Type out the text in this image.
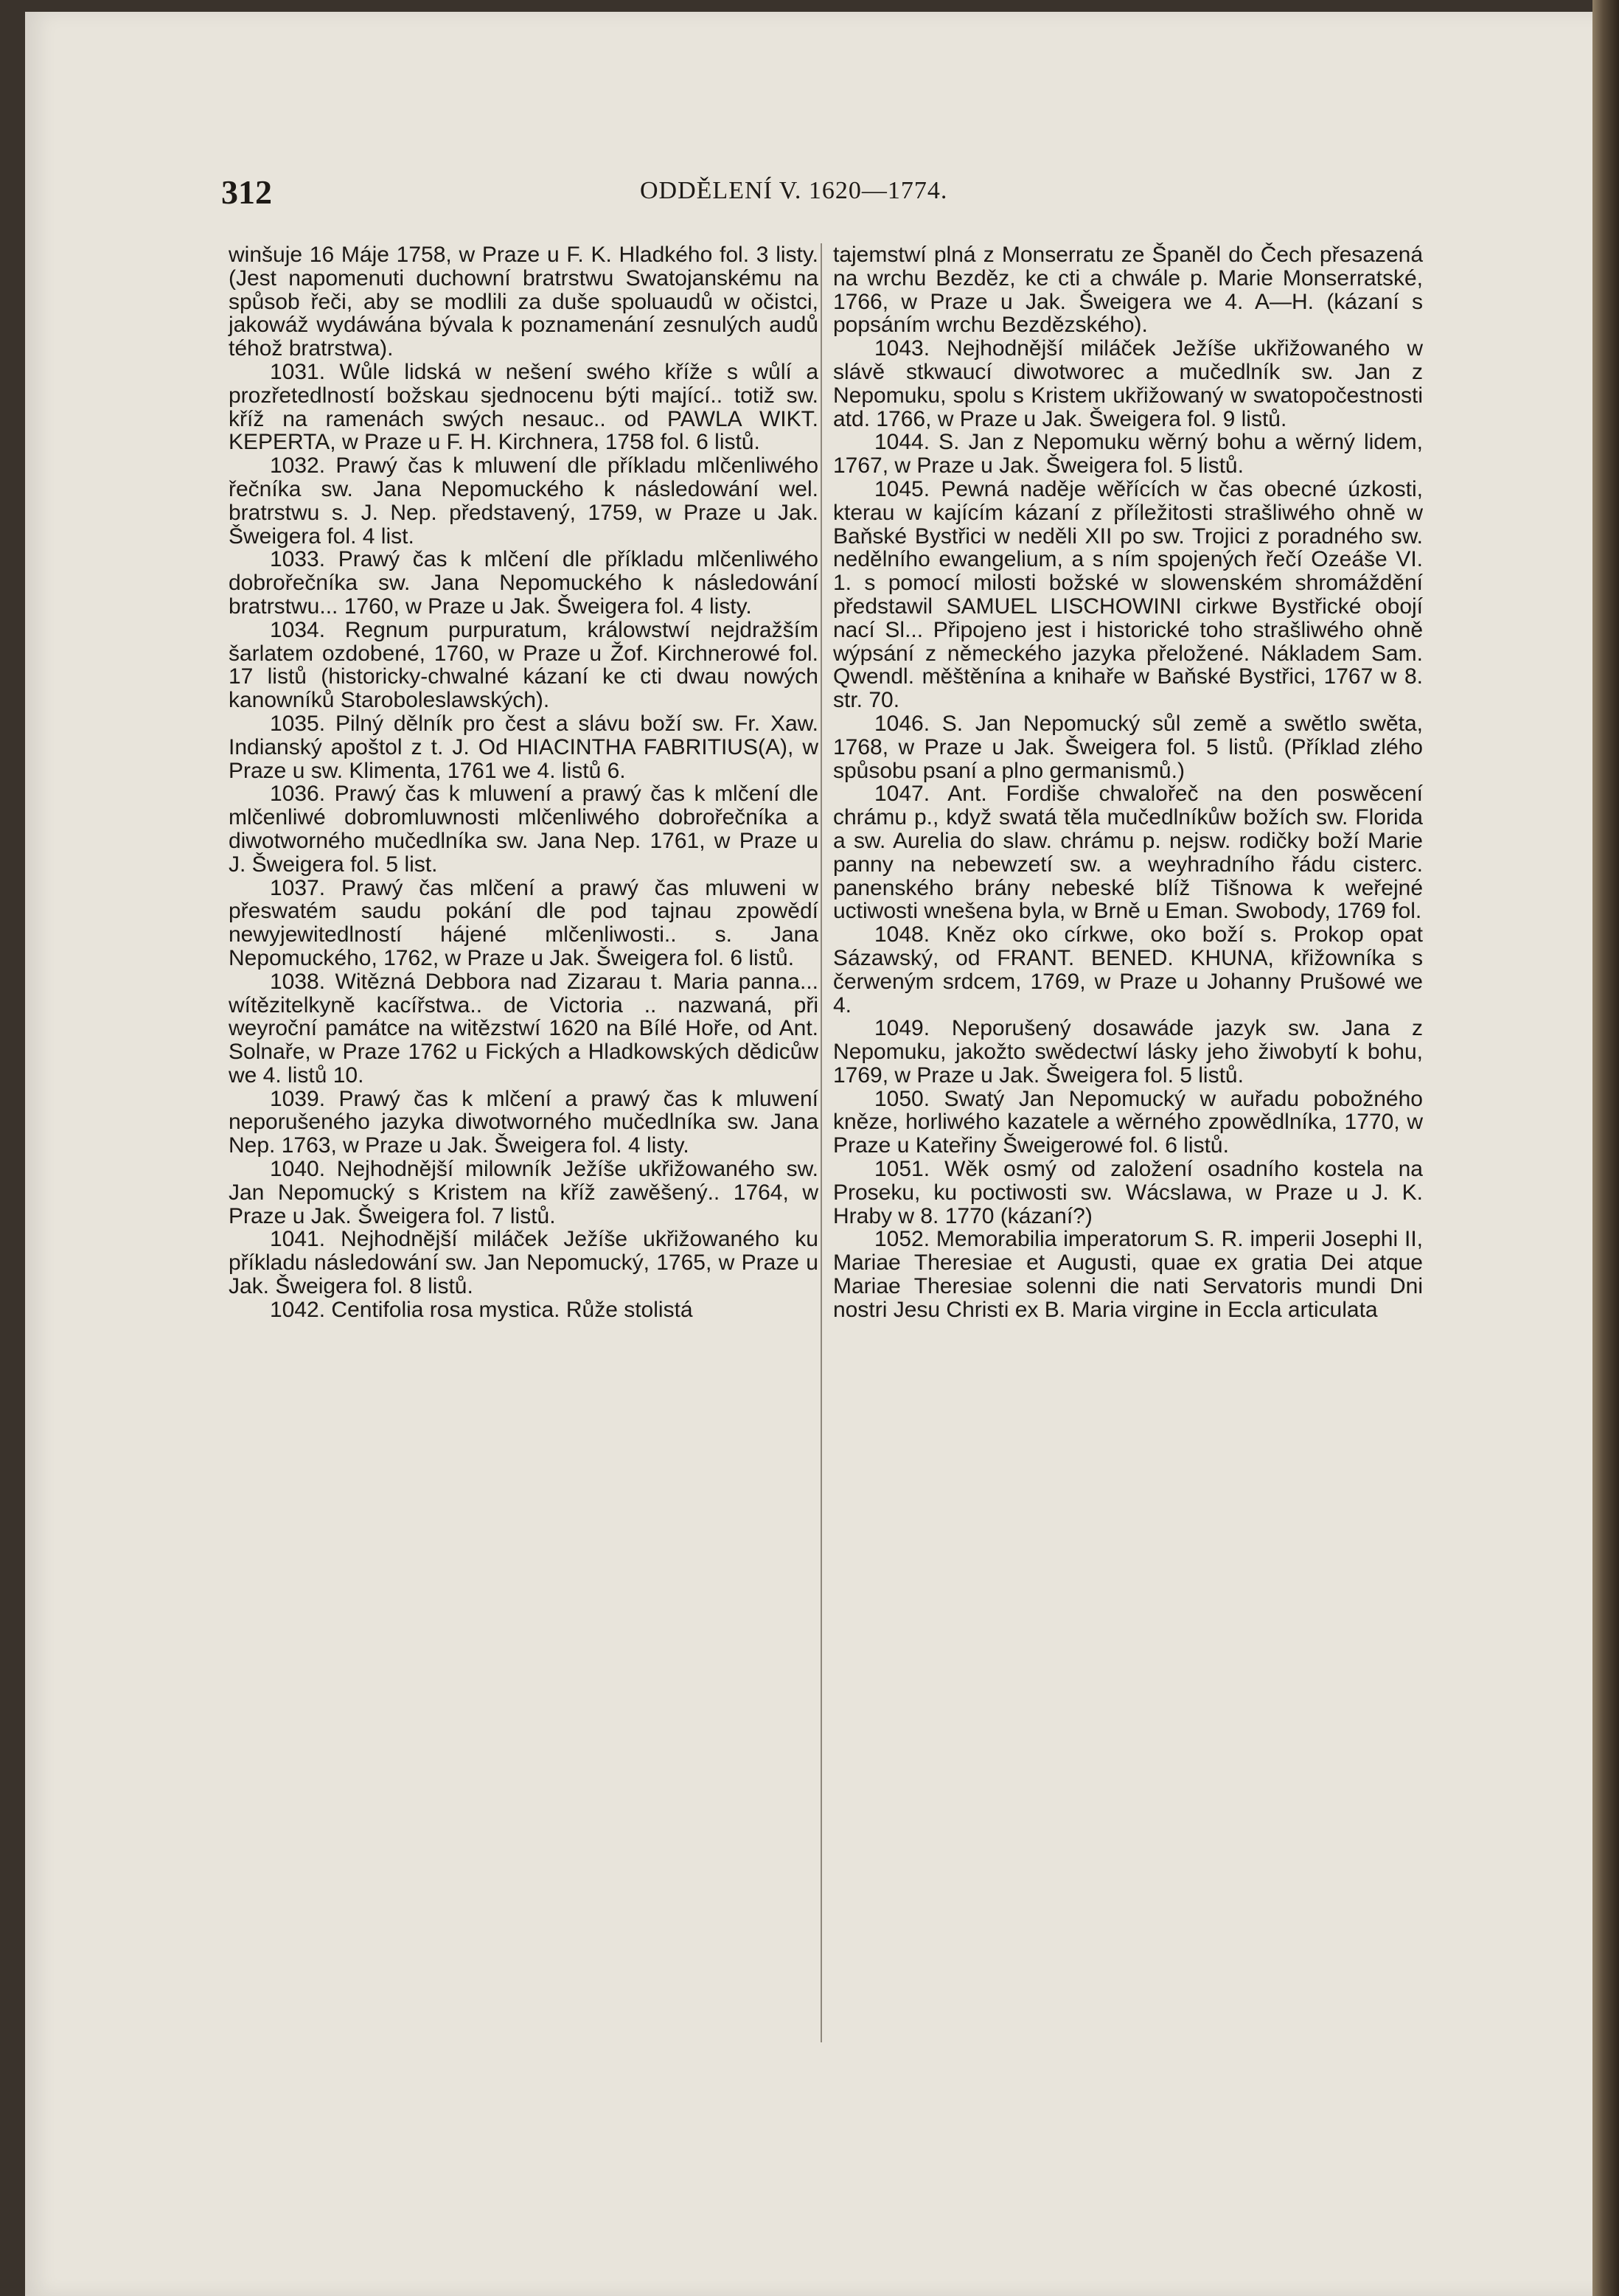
312	ODDĚLENÍ V. 1620—1774.

winšuje 16 Máje 1758, w Praze u F. K. Hladkého fol. 3 listy. (Jest napomenuti duchowní bratrstwu Swatojanskému na spůsob řeči, aby se modlili za duše spoluaudů w očistci, jakowáž wydáwána bývala k poznamenání zesnulých audů téhož bratrstwa).

1031. Wůle lidská w nešení swého kříže s wůlí a prozřetedlností božskau sjednocenu býti mající.. totiž sw. kříž na ramenách swých nesauc.. od PAWLA WIKT. KEPERTA, w Praze u F. H. Kirchnera, 1758 fol. 6 listů.

1032. Prawý čas k mluwení dle příkladu mlčenliwého řečníka sw. Jana Nepomuckého k následowání wel. bratrstwu s. J. Nep. představený, 1759, w Praze u Jak. Šweigera fol. 4 list.

1033. Prawý čas k mlčení dle příkladu mlčenliwého dobrořečníka sw. Jana Nepomuckého k následowání bratrstwu... 1760, w Praze u Jak. Šweigera fol. 4 listy.

1034. Regnum purpuratum, králowstwí nejdražším šarlatem ozdobené, 1760, w Praze u Žof. Kirchnerowé fol. 17 listů (historicky-chwalné kázaní ke cti dwau nowých kanowníků Staroboleslawských).

1035. Pilný dělník pro čest a slávu boží sw. Fr. Xaw. Indianský apoštol z t. J. Od HIACINTHA FABRITIUS(A), w Praze u sw. Klimenta, 1761 we 4. listů 6.

1036. Prawý čas k mluwení a prawý čas k mlčení dle mlčenliwé dobromluwnosti mlčenliwého dobrořečníka a diwotworného mučedlníka sw. Jana Nep. 1761, w Praze u J. Šweigera fol. 5 list.

1037. Prawý čas mlčení a prawý čas mluweni w přeswatém saudu pokání dle pod tajnau zpowědí newyjewitedlností hájené mlčenliwosti.. s. Jana Nepomuckého, 1762, w Praze u Jak. Šweigera fol. 6 listů.

1038. Witězná Debbora nad Zizarau t. Maria panna... wítězitelkyně kacířstwa.. de Victoria .. nazwaná, při weyroční památce na witězstwí 1620 na Bílé Hoře, od Ant. Solnaře, w Praze 1762 u Fických a Hladkowských dědicůw we 4. listů 10.

1039. Prawý čas k mlčení a prawý čas k mluwení neporušeného jazyka diwotworného mučedlníka sw. Jana Nep. 1763, w Praze u Jak. Šweigera fol. 4 listy.

1040. Nejhodnější milowník Ježíše ukřižowaného sw. Jan Nepomucký s Kristem na kříž zawěšený.. 1764, w Praze u Jak. Šweigera fol. 7 listů.

1041. Nejhodnější miláček Ježíše ukřižowaného ku příkladu následowání sw. Jan Nepomucký, 1765, w Praze u Jak. Šweigera fol. 8 listů.

1042. Centifolia rosa mystica. Růže stolistá

tajemstwí plná z Monserratu ze Španěl do Čech přesazená na wrchu Bezděz, ke cti a chwále p. Marie Monserratské, 1766, w Praze u Jak. Šweigera we 4. A—H. (kázaní s popsáním wrchu Bezdězského).

1043. Nejhodnější miláček Ježíše ukřižowaného w slávě stkwaucí diwotworec a mučedlník sw. Jan z Nepomuku, spolu s Kristem ukřižowaný w swatopočestnosti atd. 1766, w Praze u Jak. Šweigera fol. 9 listů.

1044. S. Jan z Nepomuku wěrný bohu a wěrný lidem, 1767, w Praze u Jak. Šweigera fol. 5 listů.

1045. Pewná naděje wěřících w čas obecné úzkosti, kterau w kajícím kázaní z příležitosti strašliwého ohně w Baňské Bystřici w neděli XII po sw. Trojici z poradného sw. nedělního ewangelium, a s ním spojených řečí Ozeáše VI. 1. s pomocí milosti božské w slowenském shromáždění předstawil SAMUEL LISCHOWINI cirkwe Bystřické obojí nací Sl... Připojeno jest i historické toho strašliwého ohně wýpsání z německého jazyka přeložené. Nákladem Sam. Qwendl. měštěnína a knihaře w Baňské Bystřici, 1767 w 8. str. 70.

1046. S. Jan Nepomucký sůl země a swětlo swěta, 1768, w Praze u Jak. Šweigera fol. 5 listů. (Příklad zlého spůsobu psaní a plno germanismů.)

1047. Ant. Fordiše chwalořeč na den poswěcení chrámu p., když swatá těla mučedlníkůw božích sw. Florida a sw. Aurelia do slaw. chrámu p. nejsw. rodičky boží Marie panny na nebewzetí sw. a weyhradního řádu cisterc. panenského brány nebeské blíž Tišnowa k weřejné uctiwosti wnešena byla, w Brně u Eman. Swobody, 1769 fol.

1048. Kněz oko církwe, oko boží s. Prokop opat Sázawský, od FRANT. BENED. KHUNA, křižowníka s čerweným srdcem, 1769, w Praze u Johanny Prušowé we 4.

1049. Neporušený dosawáde jazyk sw. Jana z Nepomuku, jakožto swědectwí lásky jeho žiwobytí k bohu, 1769, w Praze u Jak. Šweigera fol. 5 listů.

1050. Swatý Jan Nepomucký w auřadu pobožného kněze, horliwého kazatele a wěrného zpowědlníka, 1770, w Praze u Kateřiny Šweigerowé fol. 6 listů.

1051. Wěk osmý od založení osadního kostela na Proseku, ku poctiwosti sw. Wácslawa, w Praze u J. K. Hraby w 8. 1770 (kázaní?)

1052. Memorabilia imperatorum S. R. imperii Josephi II, Mariae Theresiae et Augusti, quae ex gratia Dei atque Mariae Theresiae solenni die nati Servatoris mundi Dni nostri Jesu Christi ex B. Maria virgine in Eccla articulata
